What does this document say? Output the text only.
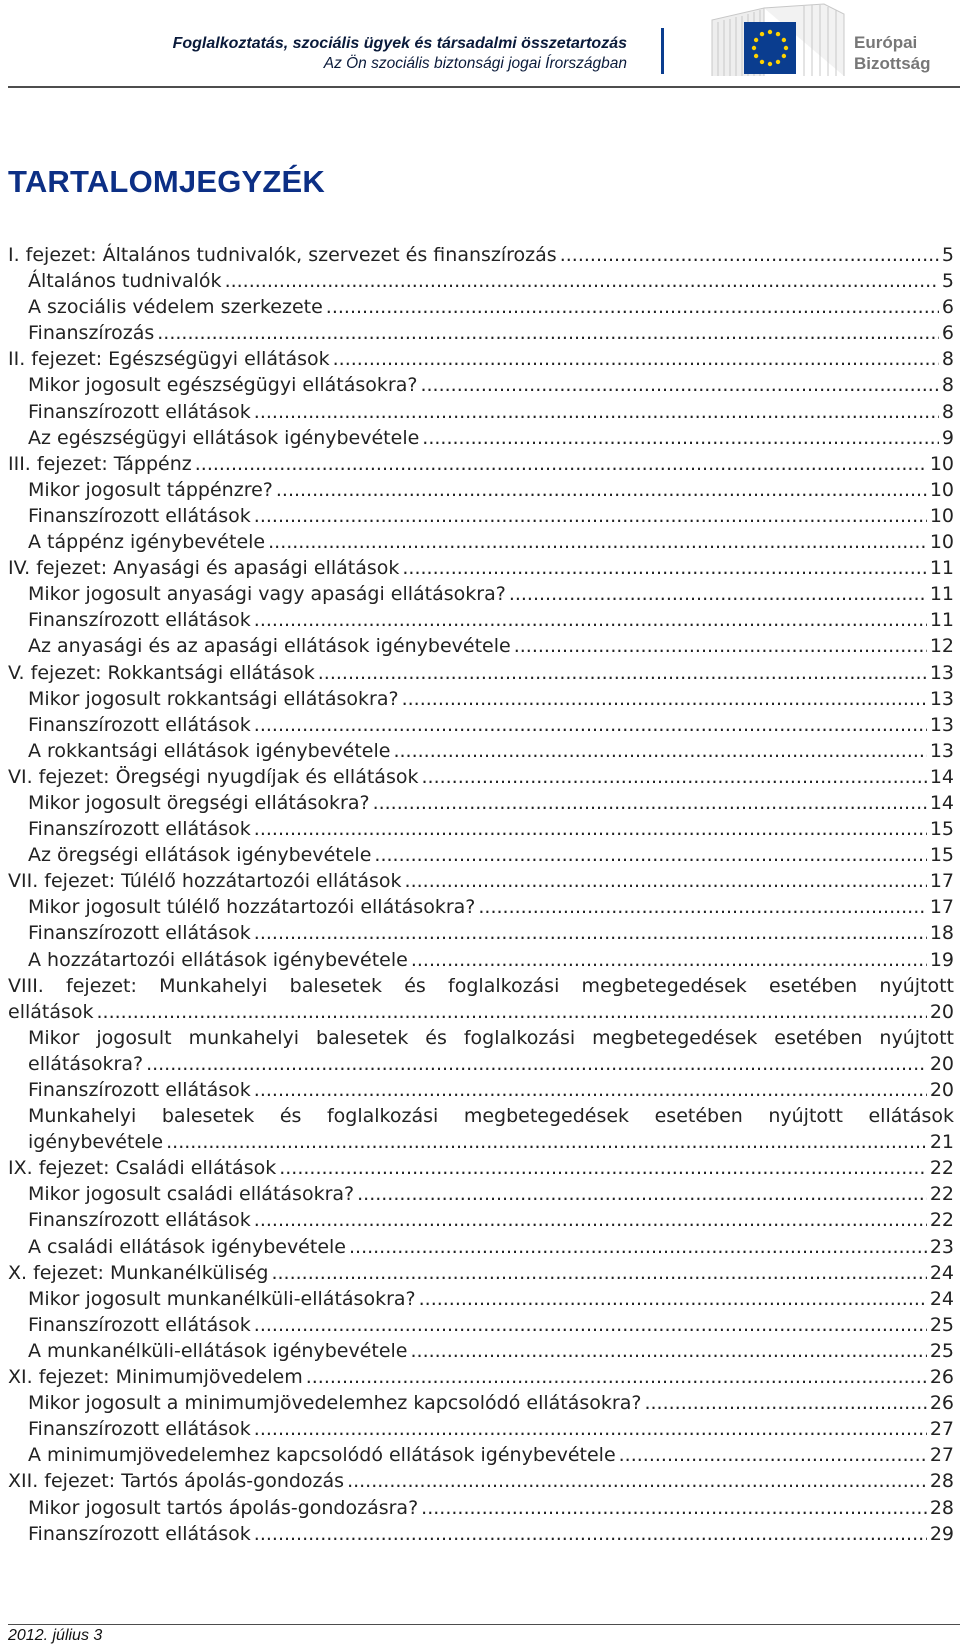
Foglalkoztatás, szociális ügyek és társadalmi összetartozás
Az Ön szociális biztonsági jogai Írországban
Európai
Bizottság
TARTALOMJEGYZÉK
I. fejezet: Általános tudnivalók, szervezet és finanszírozás .....	5
Általános tudnivalók .....	5
A szociális védelem szerkezete .....	6
Finanszírozás .....	6
II. fejezet: Egészségügyi ellátások .....	8
Mikor jogosult egészségügyi ellátásokra? .....	8
Finanszírozott ellátások .....	8
Az egészségügyi ellátások igénybevétele .....	9
III. fejezet: Táppénz .....	10
Mikor jogosult táppénzre? .....	10
Finanszírozott ellátások .....	10
A táppénz igénybevétele .....	10
IV. fejezet: Anyasági és apasági ellátások .....	11
Mikor jogosult anyasági vagy apasági ellátásokra? .....	11
Finanszírozott ellátások .....	11
Az anyasági és az apasági ellátások igénybevétele .....	12
V. fejezet: Rokkantsági ellátások .....	13
Mikor jogosult rokkantsági ellátásokra? .....	13
Finanszírozott ellátások .....	13
A rokkantsági ellátások igénybevétele .....	13
VI. fejezet: Öregségi nyugdíjak és ellátások .....	14
Mikor jogosult öregségi ellátásokra? .....	14
Finanszírozott ellátások .....	15
Az öregségi ellátások igénybevétele .....	15
VII. fejezet: Túlélő hozzátartozói ellátások .....	17
Mikor jogosult túlélő hozzátartozói ellátásokra? .....	17
Finanszírozott ellátások .....	18
A hozzátartozói ellátások igénybevétele .....	19
VIII. fejezet: Munkahelyi balesetek és foglalkozási megbetegedések esetében nyújtott ellátások .....	20
Mikor jogosult munkahelyi balesetek és foglalkozási megbetegedések esetében nyújtott ellátásokra? .....	20
Finanszírozott ellátások .....	20
Munkahelyi balesetek és foglalkozási megbetegedések esetében nyújtott ellátások igénybevétele .....	21
IX. fejezet: Családi ellátások .....	22
Mikor jogosult családi ellátásokra? .....	22
Finanszírozott ellátások .....	22
A családi ellátások igénybevétele .....	23
X. fejezet: Munkanélküliség .....	24
Mikor jogosult munkanélküli-ellátásokra? .....	24
Finanszírozott ellátások .....	25
A munkanélküli-ellátások igénybevétele .....	25
XI. fejezet: Minimumjövedelem .....	26
Mikor jogosult a minimumjövedelemhez kapcsolódó ellátásokra? .....	26
Finanszírozott ellátások .....	27
A minimumjövedelemhez kapcsolódó ellátások igénybevétele .....	27
XII. fejezet: Tartós ápolás-gondozás .....	28
Mikor jogosult tartós ápolás-gondozásra? .....	28
Finanszírozott ellátások .....	29
2012. július 3
